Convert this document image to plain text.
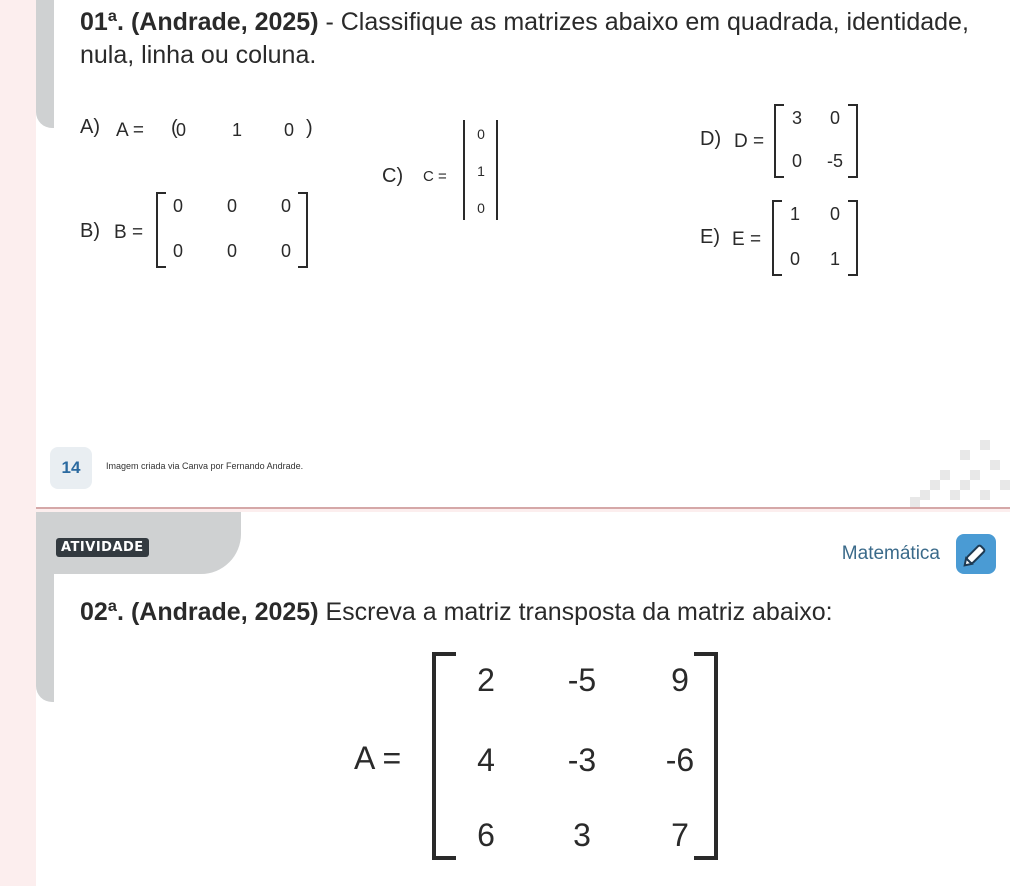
01ª. (Andrade, 2025) - Classifique as matrizes abaixo em quadrada, identidade, nula, linha ou coluna.
A) A = (
0	1	0 )
B) B =
0	0	0
0	0	0
C) C =
0
1
0
D) D =
3	0
0	-5
E) E =
1	0
0	1
14	Imagem criada via Canva por Fernando Andrade.
ATIVIDADE	Matemática
02ª. (Andrade, 2025) Escreva a matriz transposta da matriz abaixo:
A =
2	-5	9
4	-3	-6
6	3	7
